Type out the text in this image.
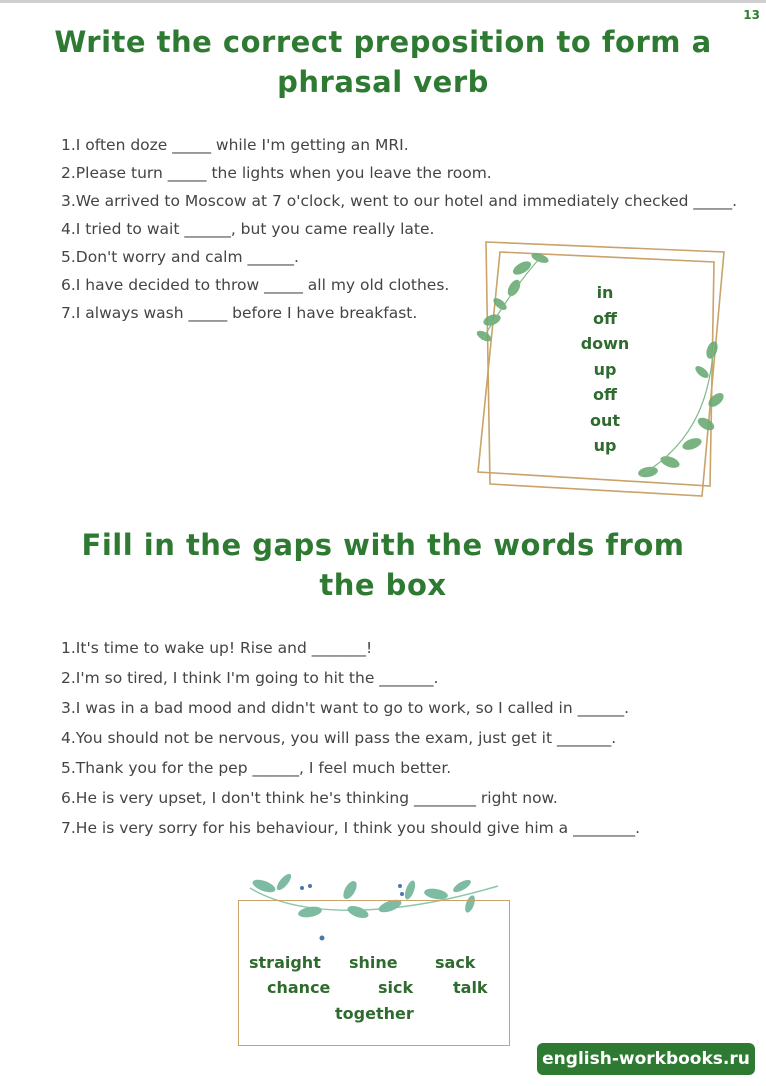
13
Write the correct preposition to form a
phrasal verb
1.I often doze _____ while I'm getting an MRI.
2.Please turn _____ the lights when you leave the room.
3.We arrived to Moscow at 7 o'clock, went to our hotel and immediately checked _____.
4.I tried to wait ______, but you came really late.
5.Don't worry and calm ______.
6.I have decided to throw _____ all my old clothes.
7.I always wash _____ before I have breakfast.
in
off
down
up
off
out
up
Fill in the gaps with the words from
the box
1.It's time to wake up! Rise and _______!
2.I'm so tired, I think I'm going to hit the _______.
3.I was in a bad mood and didn't want to go to work, so I called in ______.
4.You should not be nervous, you will pass the exam, just get it _______.
5.Thank you for the pep ______, I feel much better.
6.He is very upset, I don't think he's thinking ________ right now.
7.He is very sorry for his behaviour, I think you should give him a ________.
straight shine sack
chance	sick talk
together
english-workbooks.ru
